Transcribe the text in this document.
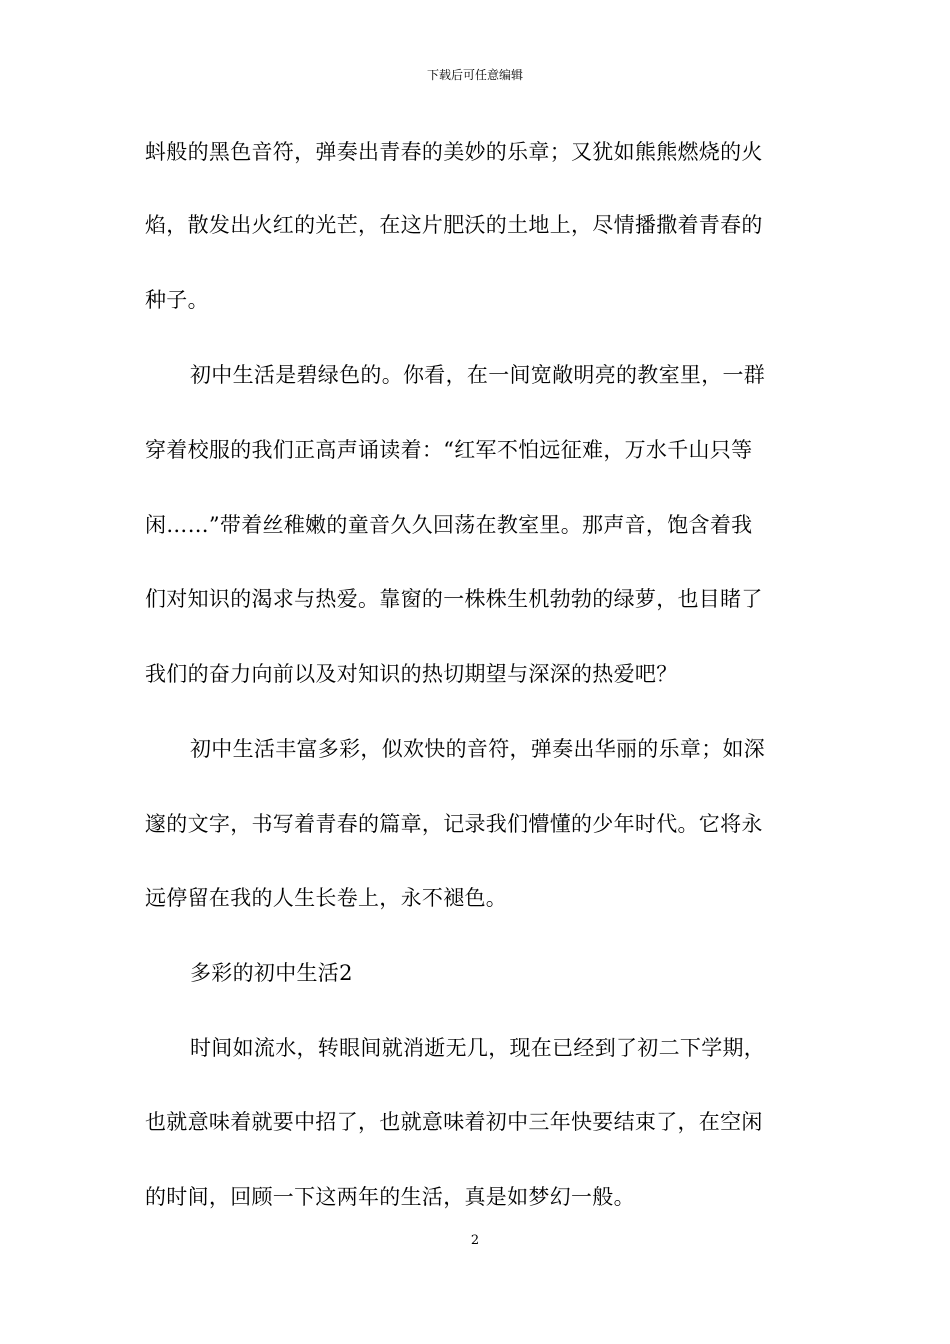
下载后可任意编辑
蚪般的黑色音符，弹奏出青春的美妙的乐章；又犹如熊熊燃烧的火
焰，散发出火红的光芒，在这片肥沃的土地上，尽情播撒着青春的
种子。
初中生活是碧绿色的。你看，在一间宽敞明亮的教室里，一群
穿着校服的我们正高声诵读着：“红军不怕远征难，万水千山只等
闲……”带着丝稚嫩的童音久久回荡在教室里。那声音，饱含着我
们对知识的渴求与热爱。靠窗的一株株生机勃勃的绿萝，也目睹了
我们的奋力向前以及对知识的热切期望与深深的热爱吧？
初中生活丰富多彩，似欢快的音符，弹奏出华丽的乐章；如深
邃的文字，书写着青春的篇章，记录我们懵懂的少年时代。它将永
远停留在我的人生长卷上，永不褪色。
多彩的初中生活2
时间如流水，转眼间就消逝无几，现在已经到了初二下学期，
也就意味着就要中招了，也就意味着初中三年快要结束了，在空闲
的时间，回顾一下这两年的生活，真是如梦幻一般。
2
